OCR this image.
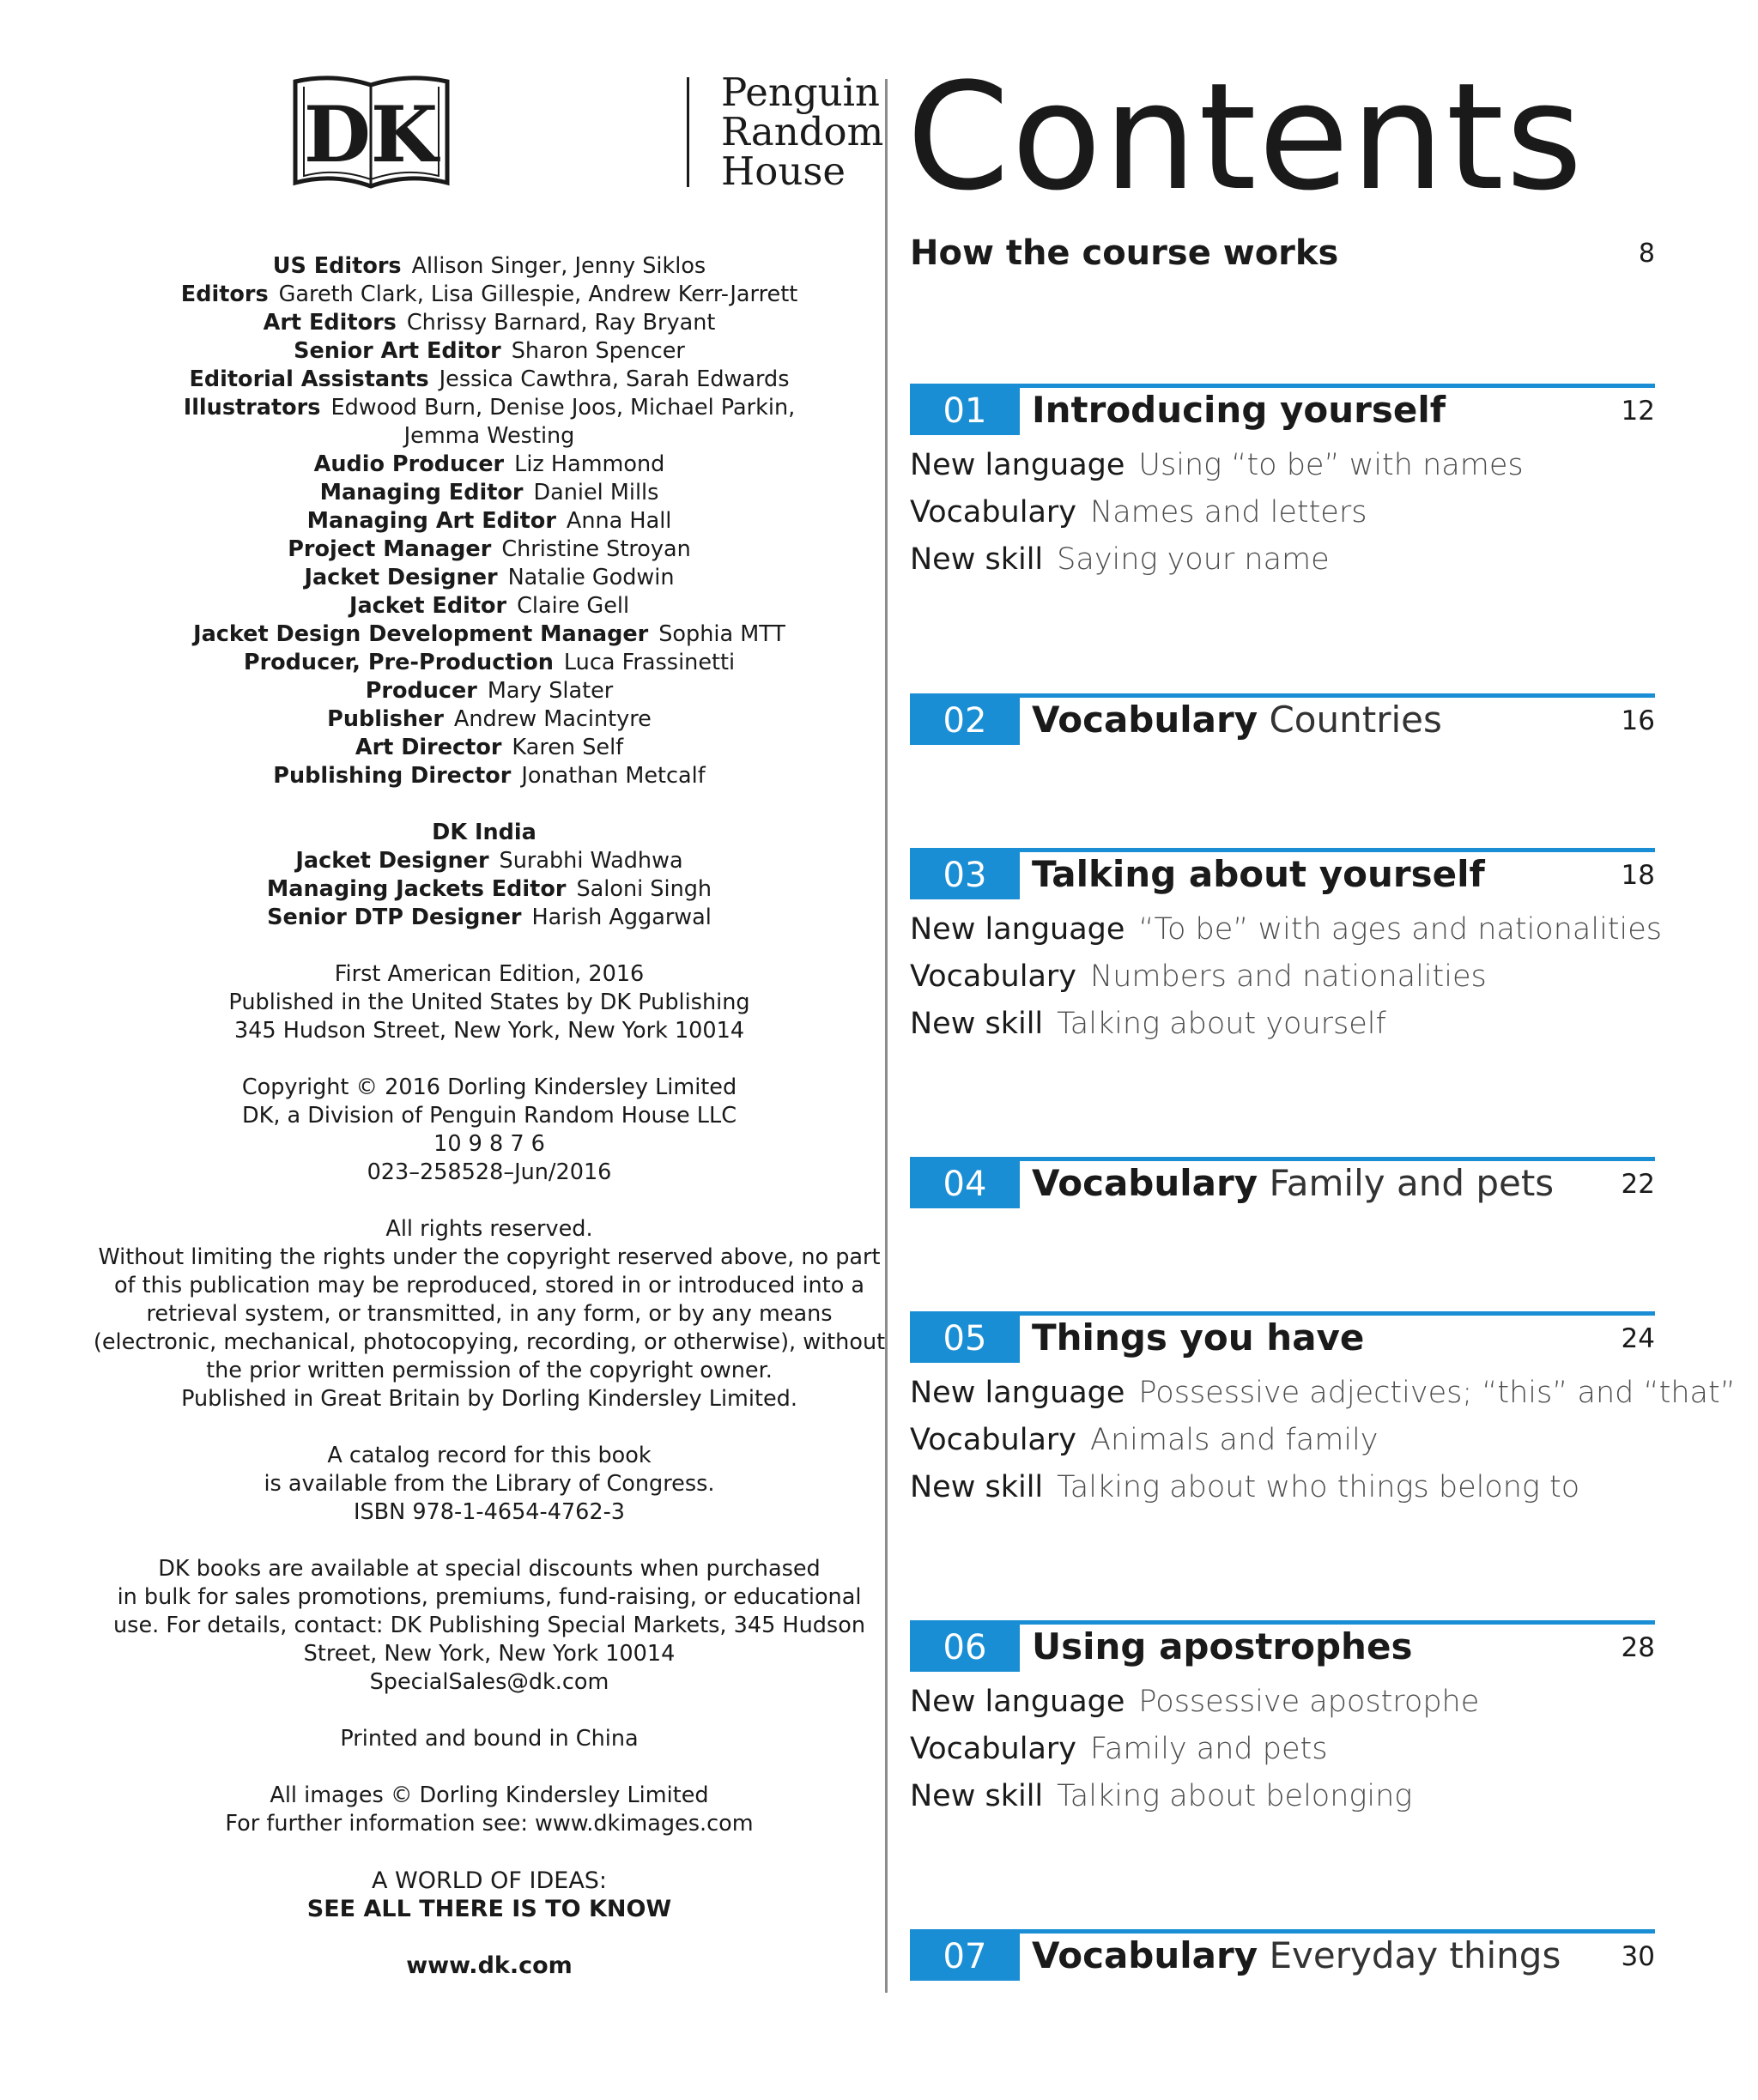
DK	Penguin
Random
House
US Editors Allison Singer, Jenny Siklos
Editors Gareth Clark, Lisa Gillespie, Andrew Kerr-Jarrett
Art Editors Chrissy Barnard, Ray Bryant
Senior Art Editor Sharon Spencer
Editorial Assistants Jessica Cawthra, Sarah Edwards
Illustrators Edwood Burn, Denise Joos, Michael Parkin,
Jemma Westing
Audio Producer Liz Hammond
Managing Editor Daniel Mills
Managing Art Editor Anna Hall
Project Manager Christine Stroyan
Jacket Designer Natalie Godwin
Jacket Editor Claire Gell
Jacket Design Development Manager Sophia MTT
Producer, Pre-Production Luca Frassinetti
Producer Mary Slater
Publisher Andrew Macintyre
Art Director Karen Self
Publishing Director Jonathan Metcalf
DK India
Jacket Designer Surabhi Wadhwa
Managing Jackets Editor Saloni Singh
Senior DTP Designer Harish Aggarwal

First American Edition, 2016

Published in the United States by DK Publishing

345 Hudson Street, New York, New York 10014

Copyright © 2016 Dorling Kindersley Limited

DK, a Division of Penguin Random House LLC

10 9 8 7 6

023–258528–Jun/2016

All rights reserved.

Without limiting the rights under the copyright reserved above, no part

of this publication may be reproduced, stored in or introduced into a

retrieval system, or transmitted, in any form, or by any means

(electronic, mechanical, photocopying, recording, or otherwise), without

the prior written permission of the copyright owner.

Published in Great Britain by Dorling Kindersley Limited.

A catalog record for this book

is available from the Library of Congress.

ISBN 978-1-4654-4762-3

DK books are available at special discounts when purchased

in bulk for sales promotions, premiums, fund-raising, or educational

use. For details, contact: DK Publishing Special Markets, 345 Hudson

Street, New York, New York 10014

SpecialSales@dk.com

Printed and bound in China

All images © Dorling Kindersley Limited

For further information see: www.dkimages.com

A WORLD OF IDEAS:
SEE ALL THERE IS TO KNOW
www.dk.com
Contents
How the course works	8
01	Introducing yourself	12
New language Using “to be” with names
Vocabulary Names and letters
New skill Saying your name
02	Vocabulary Countries	16
03	Talking about yourself	18
New language “To be” with ages and nationalities
Vocabulary Numbers and nationalities
New skill Talking about yourself
04	Vocabulary Family and pets	22
05	Things you have	24
New language Possessive adjectives; “this” and “that”
Vocabulary Animals and family
New skill Talking about who things belong to
06	Using apostrophes	28
New language Possessive apostrophe
Vocabulary Family and pets
New skill Talking about belonging
07	Vocabulary Everyday things 30
